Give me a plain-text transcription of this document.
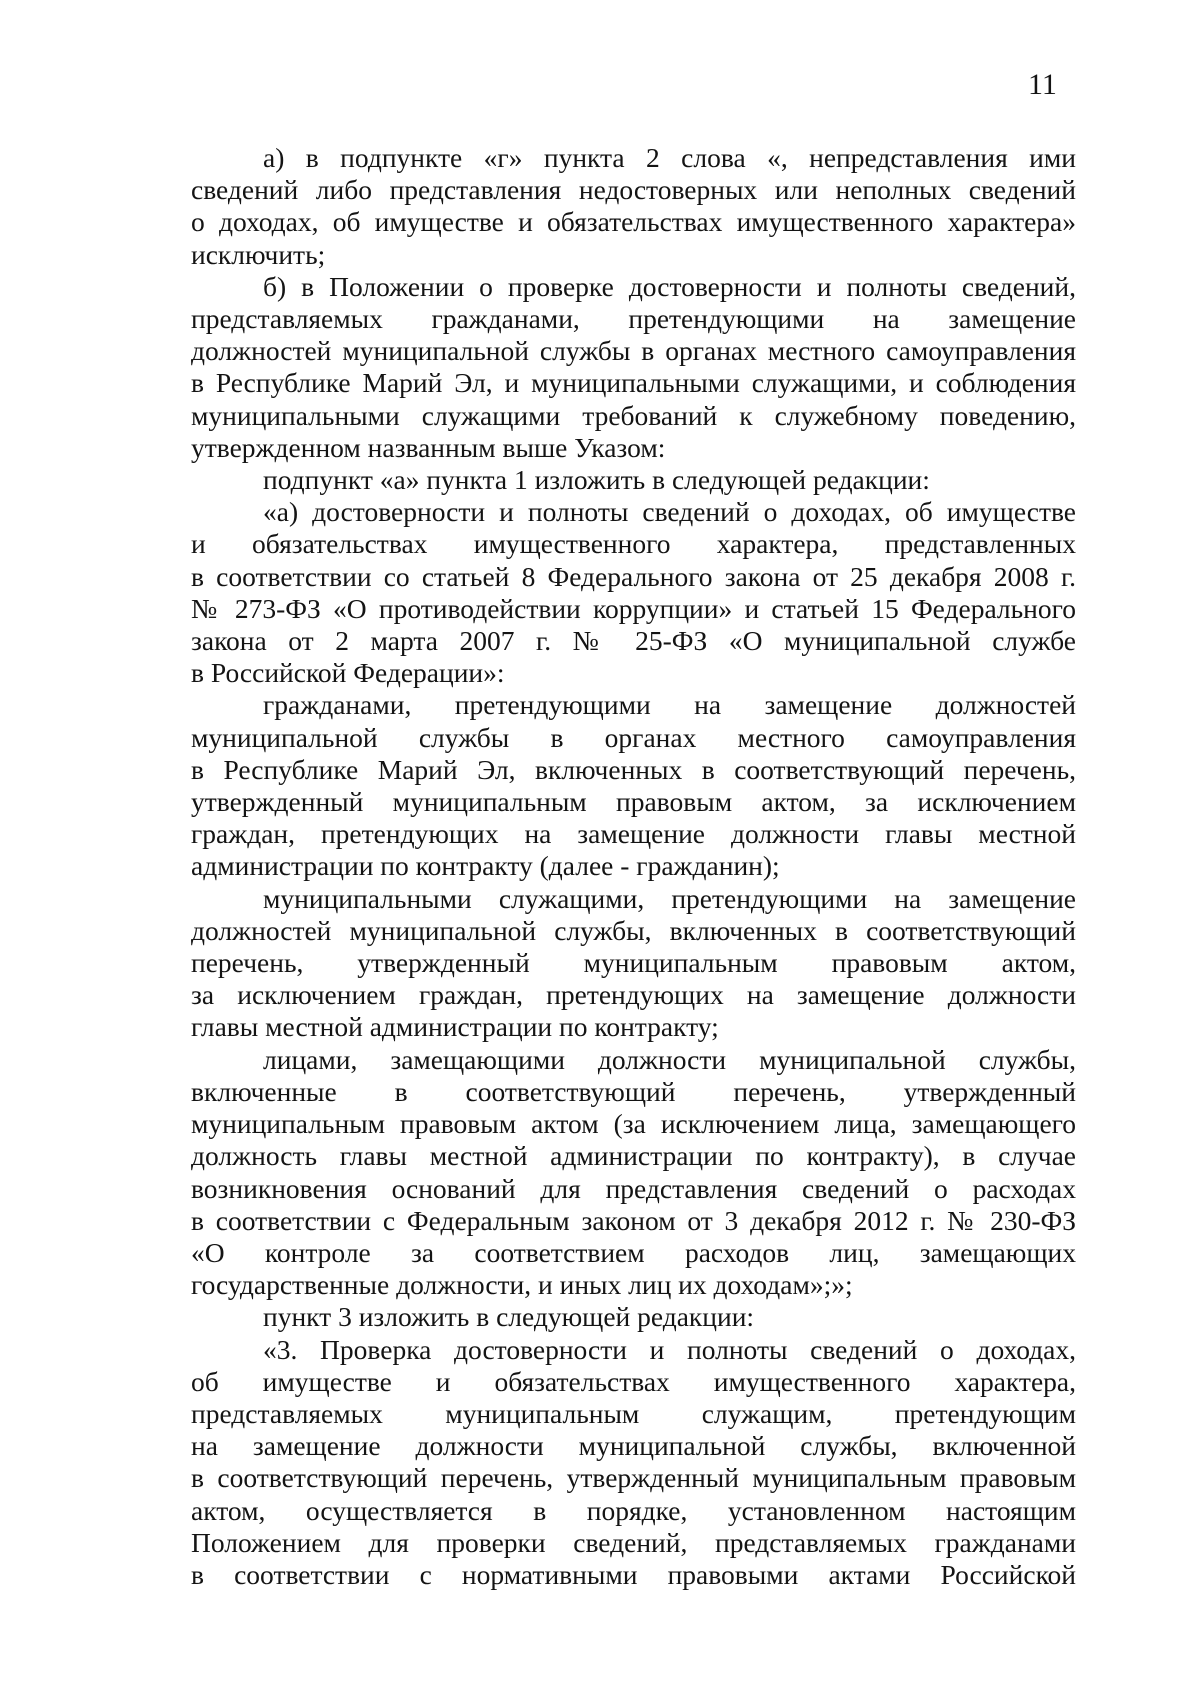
11
а) в подпункте «г» пункта 2 слова «, непредставления ими
сведений либо представления недостоверных или неполных сведений
о доходах, об имуществе и обязательствах имущественного характера»
исключить;
б) в Положении о проверке достоверности и полноты сведений,
представляемых гражданами, претендующими на замещение
должностей муниципальной службы в органах местного самоуправления
в Республике Марий Эл, и муниципальными служащими, и соблюдения
муниципальными служащими требований к служебному поведению,
утвержденном названным выше Указом:
подпункт «а» пункта 1 изложить в следующей редакции:
«а) достоверности и полноты сведений о доходах, об имуществе
и обязательствах имущественного характера, представленных
в соответствии со статьей 8 Федерального закона от 25 декабря 2008 г.
№ 273-ФЗ «О противодействии коррупции» и статьей 15 Федерального
закона от 2 марта 2007 г. № 25-ФЗ «О муниципальной службе
в Российской Федерации»:
гражданами, претендующими на замещение должностей
муниципальной службы в органах местного самоуправления
в Республике Марий Эл, включенных в соответствующий перечень,
утвержденный муниципальным правовым актом, за исключением
граждан, претендующих на замещение должности главы местной
администрации по контракту (далее - гражданин);
муниципальными служащими, претендующими на замещение
должностей муниципальной службы, включенных в соответствующий
перечень, утвержденный муниципальным правовым актом,
за исключением граждан, претендующих на замещение должности
главы местной администрации по контракту;
лицами, замещающими должности муниципальной службы,
включенные в соответствующий перечень, утвержденный
муниципальным правовым актом (за исключением лица, замещающего
должность главы местной администрации по контракту), в случае
возникновения оснований для представления сведений о расходах
в соответствии с Федеральным законом от 3 декабря 2012 г. № 230-ФЗ
«О контроле за соответствием расходов лиц, замещающих
государственные должности, и иных лиц их доходам»;»;
пункт 3 изложить в следующей редакции:
«3. Проверка достоверности и полноты сведений о доходах,
об имуществе и обязательствах имущественного характера,
представляемых муниципальным служащим, претендующим
на замещение должности муниципальной службы, включенной
в соответствующий перечень, утвержденный муниципальным правовым
актом, осуществляется в порядке, установленном настоящим
Положением для проверки сведений, представляемых гражданами
в соответствии с нормативными правовыми актами Российской
